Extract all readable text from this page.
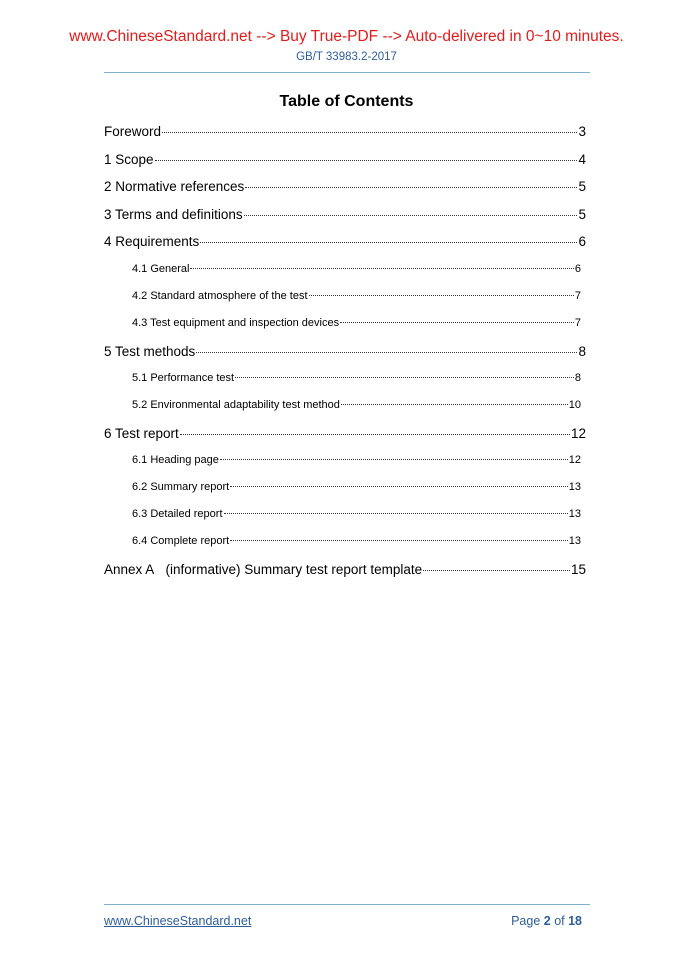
www.ChineseStandard.net --> Buy True-PDF --> Auto-delivered in 0~10 minutes.
GB/T 33983.2-2017
Table of Contents
Foreword	3
1 Scope	4
2 Normative references	5
3 Terms and definitions	5
4 Requirements	6
4.1 General	6
4.2 Standard atmosphere of the test	7
4.3 Test equipment and inspection devices	7
5 Test methods	8
5.1 Performance test	8
5.2 Environmental adaptability test method	10
6 Test report	12
6.1 Heading page	12
6.2 Summary report	13
6.3 Detailed report	13
6.4 Complete report	13
Annex A   (informative) Summary test report template	15
www.ChineseStandard.net	Page 2 of 18
